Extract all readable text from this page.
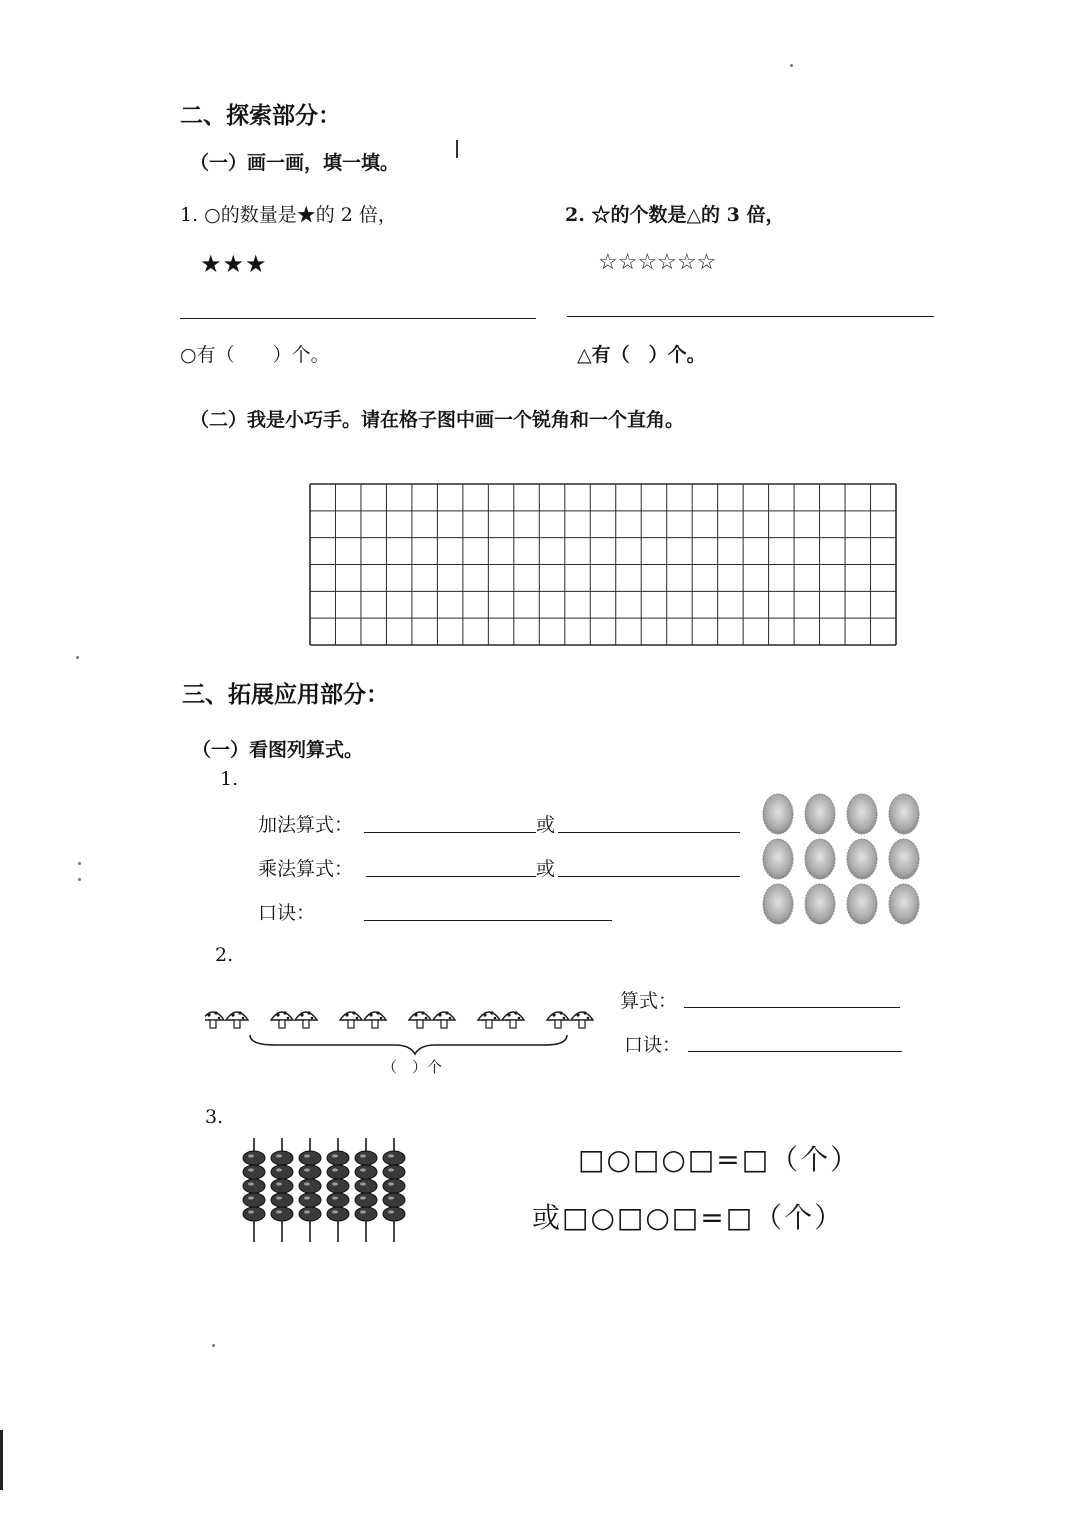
二、探索部分：
（一）画一画，填一填。
1. ○的数量是★的 2 倍，	2. ☆的个数是△的 3 倍，
★★★	☆☆☆☆☆☆
○有（　　）个。	△有（　）个。
（二）我是小巧手。请在格子图中画一个锐角和一个直角。
三、拓展应用部分：
（一）看图列算式。
1.
加法算式：	或
乘法算式：	或
口诀：
2.
（　）个
算式：
口诀：
3.
□○□○□=□（个）
或□○□○□=□（个）
